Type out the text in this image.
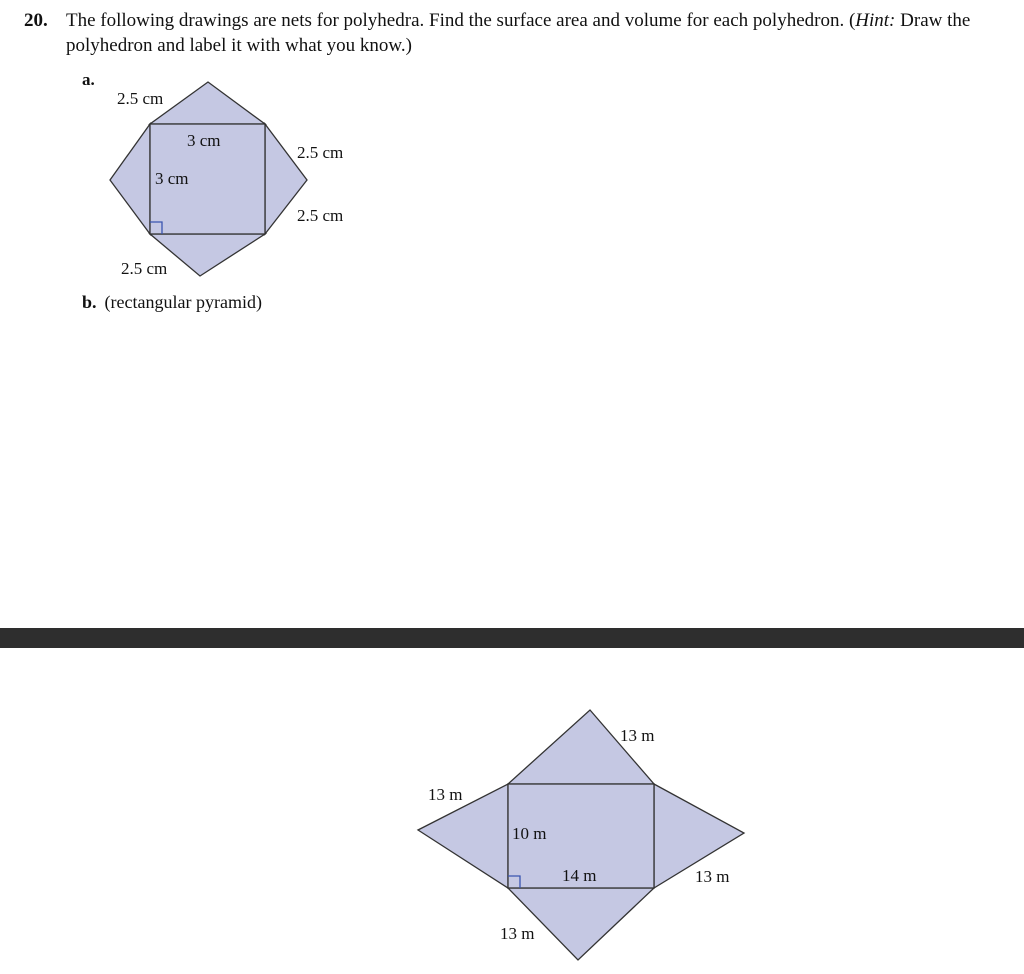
20. The following drawings are nets for polyhedra. Find the surface area and volume for each polyhedron. (Hint: Draw the polyhedron and label it with what you know.)
a.
2.5 cm
3 cm
3 cm
2.5 cm
2.5 cm
2.5 cm
b. (rectangular pyramid)
13 m
13 m
10 m
14 m	13 m
13 m
